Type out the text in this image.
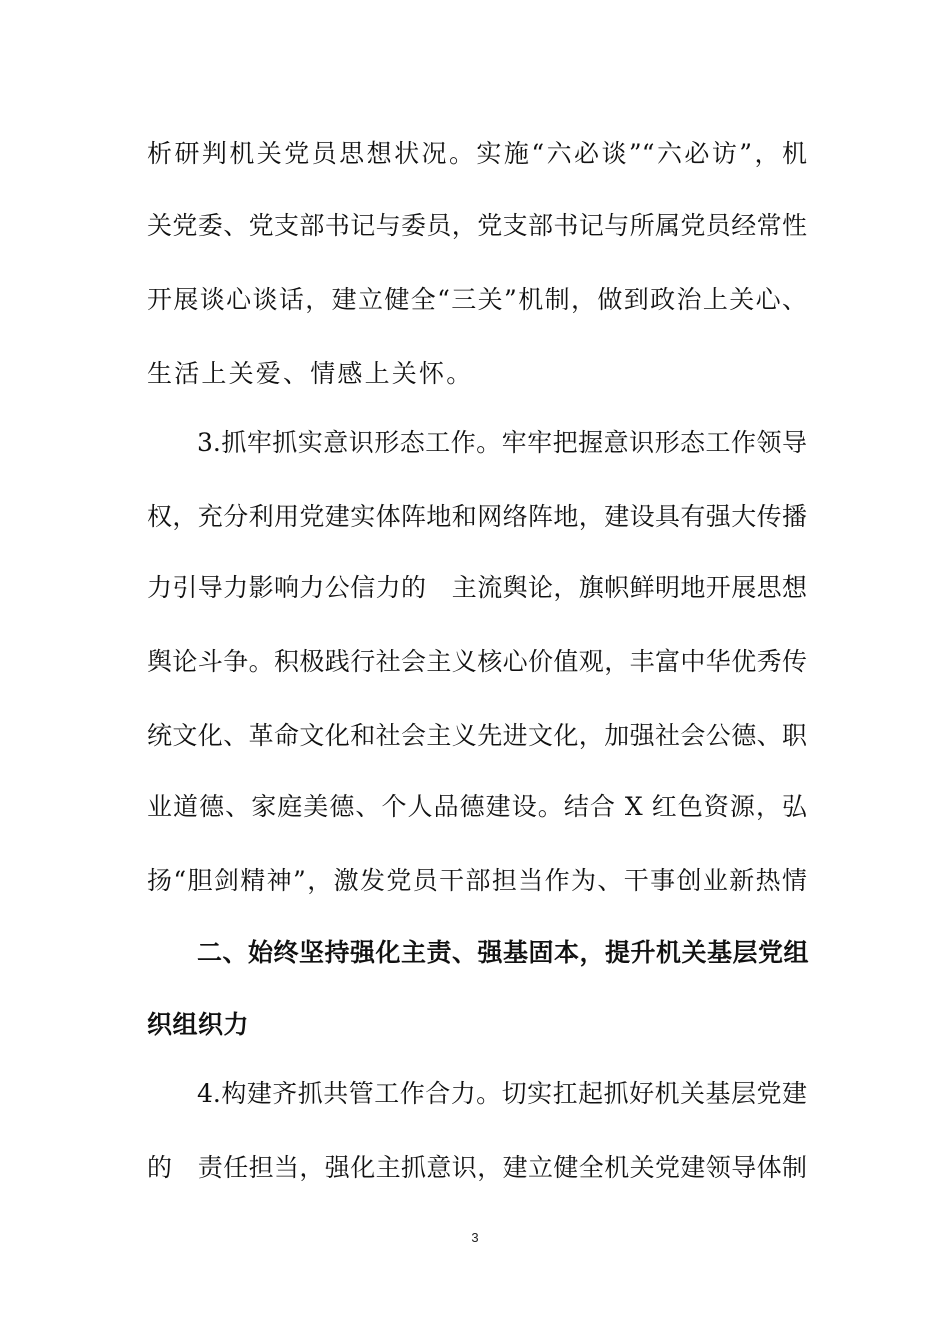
析研判机关党员思想状况。实施“六必谈”“六必访”，机
关党委、党支部书记与委员，党支部书记与所属党员经常性
开展谈心谈话，建立健全“三关”机制，做到政治上关心、
生活上关爱、情感上关怀。
3.抓牢抓实意识形态工作。牢牢把握意识形态工作领导
权，充分利用党建实体阵地和网络阵地，建设具有强大传播
力引导力影响力公信力的　主流舆论，旗帜鲜明地开展思想
舆论斗争。积极践行社会主义核心价值观，丰富中华优秀传
统文化、革命文化和社会主义先进文化，加强社会公德、职
业道德、家庭美德、个人品德建设。结合 X 红色资源，弘
扬“胆剑精神”，激发党员干部担当作为、干事创业新热情
二、始终坚持强化主责、强基固本，提升机关基层党组
织组织力
4.构建齐抓共管工作合力。切实扛起抓好机关基层党建
的　责任担当，强化主抓意识，建立健全机关党建领导体制
3
